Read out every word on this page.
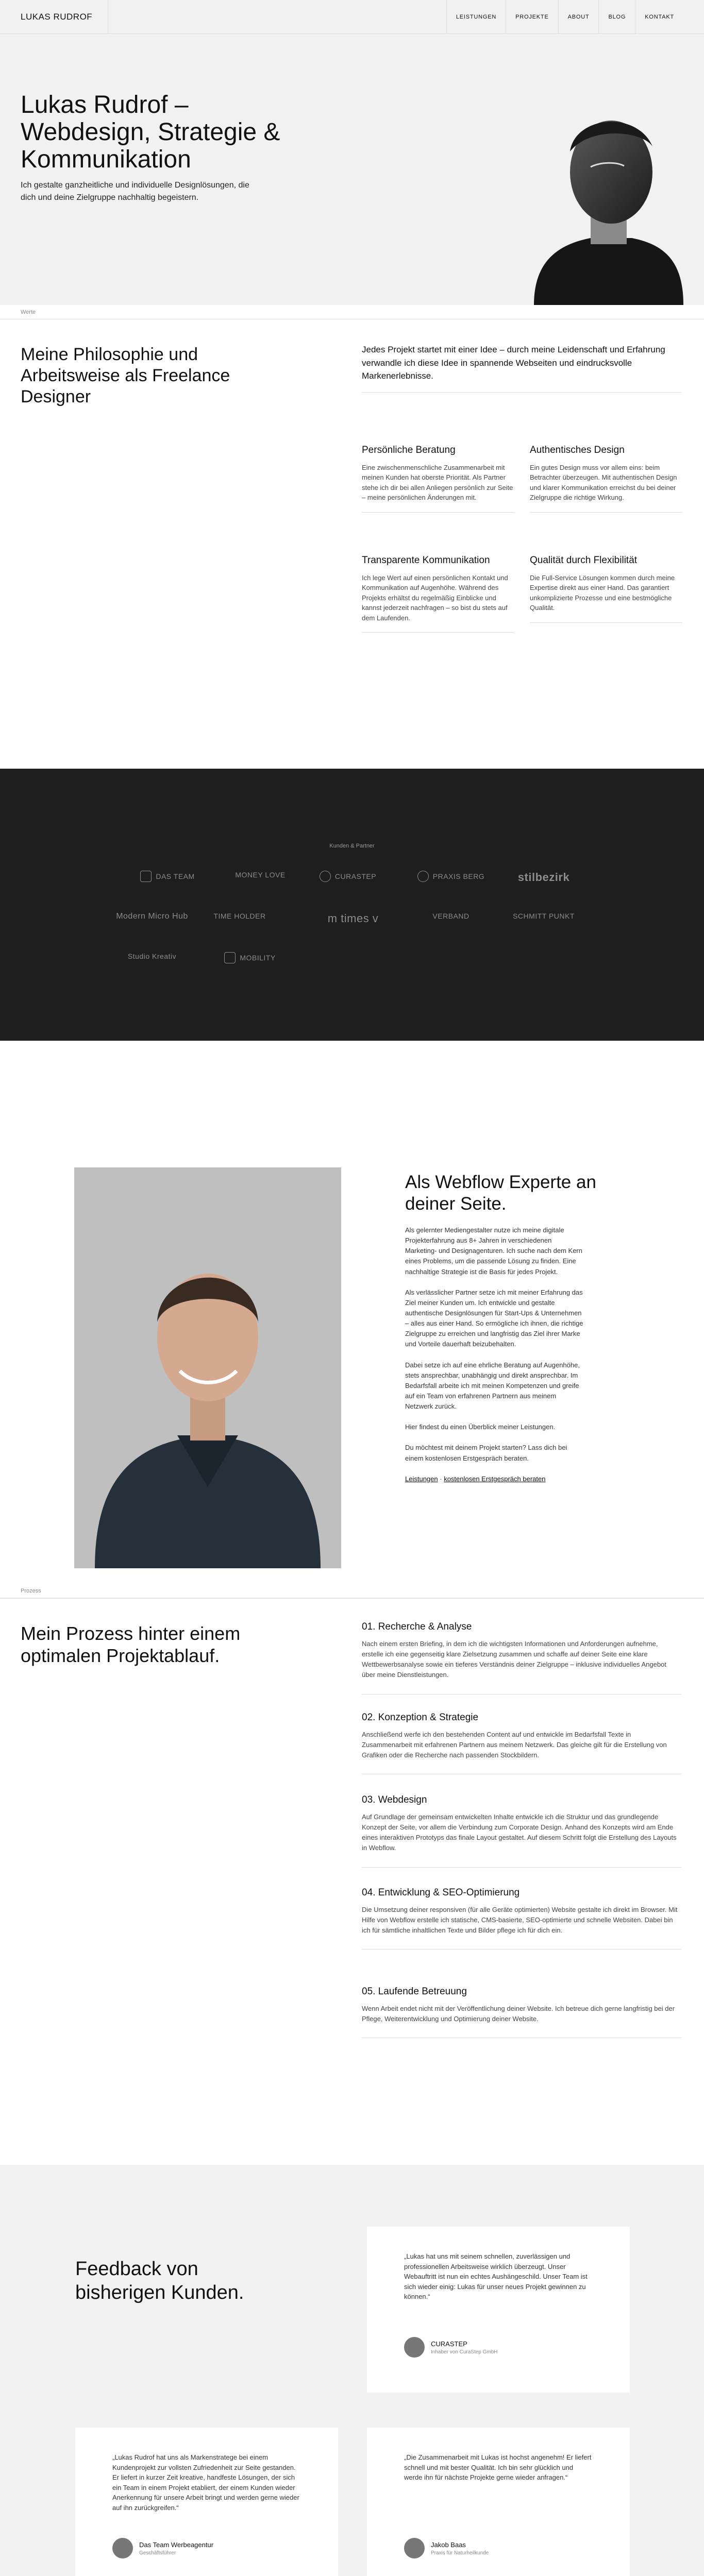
LUKAS RUDROF	LEISTUNGEN	PROJEKTE	ABOUT	BLOG	KONTAKT
Lukas Rudrof – Webdesign, Strategie & Kommunikation

Ich gestalte ganzheitliche und individuelle Designlösungen, die dich und deine Zielgruppe nachhaltig begeistern.

Werte
Meine Philosophie und Arbeitsweise als Freelance Designer

Jedes Projekt startet mit einer Idee – durch meine Leidenschaft und Erfahrung verwandle ich diese Idee in spannende Webseiten und eindrucksvolle Markenerlebnisse.

Persönliche Beratung

Eine zwischenmenschliche Zusammenarbeit mit meinen Kunden hat oberste Priorität. Als Partner stehe ich dir bei allen Anliegen persönlich zur Seite – meine persönlichen Änderungen mit.

Authentisches Design

Ein gutes Design muss vor allem eins: beim Betrachter überzeugen. Mit authentischen Design und klarer Kommunikation erreichst du bei deiner Zielgruppe die richtige Wirkung.

Transparente Kommunikation

Ich lege Wert auf einen persönlichen Kontakt und Kommunikation auf Augenhöhe. Während des Projekts erhältst du regelmäßig Einblicke und kannst jederzeit nachfragen – so bist du stets auf dem Laufenden.

Qualität durch Flexibilität

Die Full-Service Lösungen kommen durch meine Expertise direkt aus einer Hand. Das garantiert unkomplizierte Prozesse und eine bestmögliche Qualität.

Kunden & Partner
DAS TEAM	MONEY LOVE	CURASTEP	PRAXIS BERG	stilbezirk
Modern Micro Hub	TIME HOLDER	m times v	VERBAND	SCHMITT PUNKT
Studio Kreativ	MOBILITY
Als Webflow Experte an deiner Seite.

Als gelernter Mediengestalter nutze ich meine digitale Projekterfahrung aus 8+ Jahren in verschiedenen Marketing- und Designagenturen. Ich suche nach dem Kern eines Problems, um die passende Lösung zu finden. Eine nachhaltige Strategie ist die Basis für jedes Projekt.

Als verlässlicher Partner setze ich mit meiner Erfahrung das Ziel meiner Kunden um. Ich entwickle und gestalte authentische Designlösungen für Start-Ups & Unternehmen – alles aus einer Hand. So ermögliche ich ihnen, die richtige Zielgruppe zu erreichen und langfristig das Ziel ihrer Marke und Vorteile dauerhaft beizubehalten.

Dabei setze ich auf eine ehrliche Beratung auf Augenhöhe, stets ansprechbar, unabhängig und direkt ansprechbar. Im Bedarfsfall arbeite ich mit meinen Kompetenzen und greife auf ein Team von erfahrenen Partnern aus meinem Netzwerk zurück.

Hier findest du einen Überblick meiner Leistungen.

Du möchtest mit deinem Projekt starten? Lass dich bei einem kostenlosen Erstgespräch beraten.

Leistungen · kostenlosen Erstgespräch beraten

Prozess
Mein Prozess hinter einem optimalen Projektablauf.
01. Recherche & Analyse

Nach einem ersten Briefing, in dem ich die wichtigsten Informationen und Anforderungen aufnehme, erstelle ich eine gegenseitig klare Zielsetzung zusammen und schaffe auf deiner Seite eine klare Wettbewerbsanalyse sowie ein tieferes Verständnis deiner Zielgruppe – inklusive individuelles Angebot über meine Dienstleistungen.

02. Konzeption & Strategie

Anschließend werfe ich den bestehenden Content auf und entwickle im Bedarfsfall Texte in Zusammenarbeit mit erfahrenen Partnern aus meinem Netzwerk. Das gleiche gilt für die Erstellung von Grafiken oder die Recherche nach passenden Stockbildern.

03. Webdesign

Auf Grundlage der gemeinsam entwickelten Inhalte entwickle ich die Struktur und das grundlegende Konzept der Seite, vor allem die Verbindung zum Corporate Design. Anhand des Konzepts wird am Ende eines interaktiven Prototyps das finale Layout gestaltet. Auf diesem Schritt folgt die Erstellung des Layouts in Webflow.

04. Entwicklung & SEO-Optimierung

Die Umsetzung deiner responsiven (für alle Geräte optimierten) Website gestalte ich direkt im Browser. Mit Hilfe von Webflow erstelle ich statische, CMS-basierte, SEO-optimierte und schnelle Websiten. Dabei bin ich für sämtliche inhaltlichen Texte und Bilder pflege ich für dich ein.

05. Laufende Betreuung

Wenn Arbeit endet nicht mit der Veröffentlichung deiner Website. Ich betreue dich gerne langfristig bei der Pflege, Weiterentwicklung und Optimierung deiner Website.

Feedback von bisherigen Kunden.

„Lukas hat uns mit seinem schnellen, zuverlässigen und professionellen Arbeitsweise wirklich überzeugt. Unser Webauftritt ist nun ein echtes Aushängeschild. Unser Team ist sich wieder einig: Lukas für unser neues Projekt gewinnen zu können.“

CURASTEP
Inhaber von CuraStep GmbH

„Lukas Rudrof hat uns als Markenstratege bei einem Kundenprojekt zur vollsten Zufriedenheit zur Seite gestanden. Er liefert in kurzer Zeit kreative, handfeste Lösungen, der sich ein Team in einem Projekt etabliert, der einem Kunden wieder Anerkennung für unsere Arbeit bringt und werden gerne wieder auf ihn zurückgreifen.“

Das Team Werbeagentur
Geschäftsführer

„Die Zusammenarbeit mit Lukas ist hochst angenehm! Er liefert schnell und mit bester Qualität. Ich bin sehr glücklich und werde ihn für nächste Projekte gerne wieder anfragen.“

Jakob Baas
Praxis für Naturheilkunde
